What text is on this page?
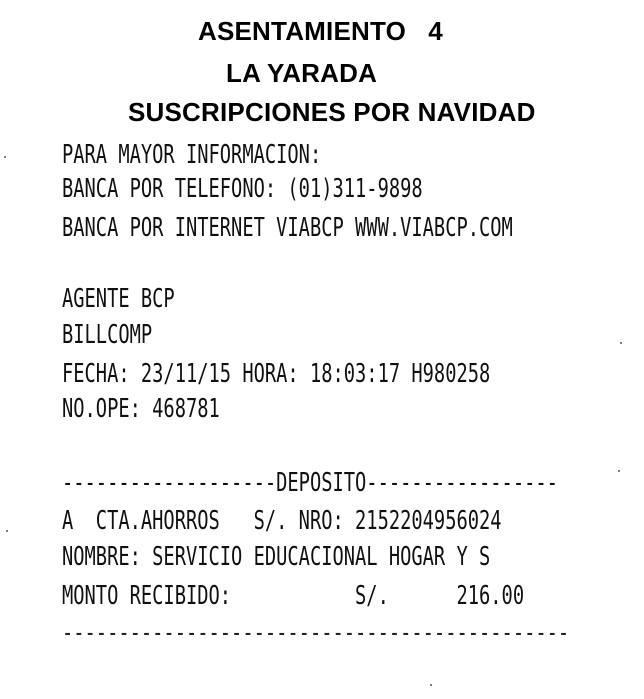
ASENTAMIENTO   4
LA YARADA
SUSCRIPCIONES POR NAVIDAD
PARA MAYOR INFORMACION:
BANCA POR TELEFONO: (01)311-9898
BANCA POR INTERNET VIABCP WWW.VIABCP.COM
AGENTE BCP
BILLCOMP
FECHA: 23/11/15 HORA: 18:03:17 H980258
NO.OPE: 468781
-------------------DEPOSITO-----------------
A  CTA.AHORROS   S/. NRO: 2152204956024
NOMBRE: SERVICIO EDUCACIONAL HOGAR Y S
MONTO RECIBIDO:           S/.      216.00
---------------------------------------------
